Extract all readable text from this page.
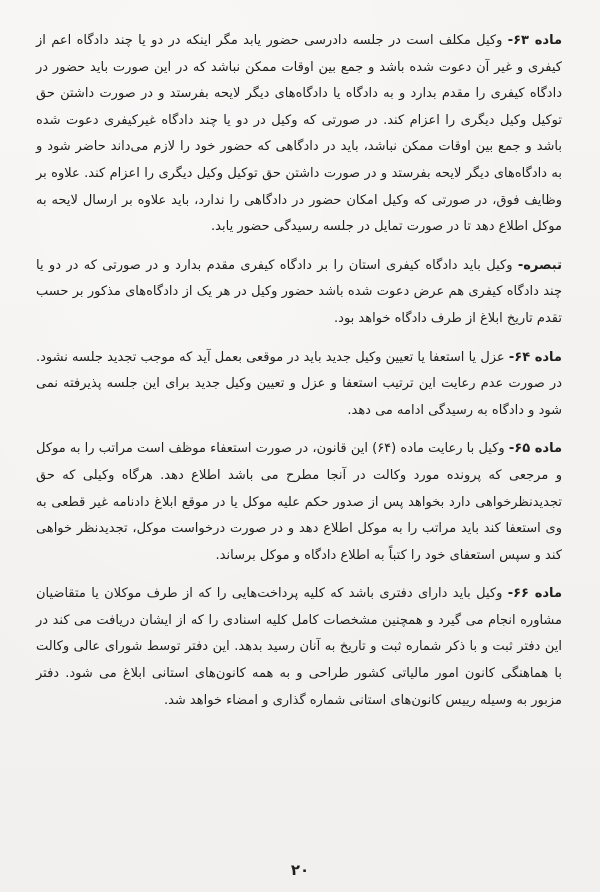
ماده ۶۳- وکیل مکلف است در جلسه دادرسی حضور یابد مگر اینکه در دو یا چند دادگاه اعم از کیفری و غیر آن دعوت شده باشد و جمع بین اوقات ممکن نباشد که در این صورت باید حضور در دادگاه کیفری را مقدم بدارد و به دادگاه یا دادگاه‌های دیگر لایحه بفرستد و در صورت داشتن حق توکیل وکیل دیگری را اعزام کند. در صورتی که وکیل در دو یا چند دادگاه غیرکیفری دعوت شده باشد و جمع بین اوقات ممکن نباشد، باید در دادگاهی که حضور خود را لازم می‌داند حاضر شود و به دادگاه‌های دیگر لایحه بفرستد و در صورت داشتن حق توکیل وکیل دیگری را اعزام کند. علاوه بر وظایف فوق، در صورتی که وکیل امکان حضور در دادگاهی را ندارد، باید علاوه بر ارسال لایحه به موکل اطلاع دهد تا در صورت تمایل در جلسه رسیدگی حضور یابد.

تبصره- وکیل باید دادگاه کیفری استان را بر دادگاه کیفری مقدم بدارد و در صورتی که در دو یا چند دادگاه کیفری هم عرض دعوت شده باشد حضور وکیل در هر یک از دادگاه‌های مذکور بر حسب تقدم تاریخ ابلاغ از طرف دادگاه خواهد بود.

ماده ۶۴- عزل یا استعفا یا تعیین وکیل جدید باید در موقعی بعمل آید که موجب تجدید جلسه نشود. در صورت عدم رعایت این ترتیب استعفا و عزل و تعیین وکیل جدید برای این جلسه پذیرفته نمی شود و دادگاه به رسیدگی ادامه می دهد.

ماده ۶۵- وکیل با رعایت ماده (۶۴) این قانون، در صورت استعفاء موظف است مراتب را به موکل و مرجعی که پرونده مورد وکالت در آنجا مطرح می باشد اطلاع دهد. هرگاه وکیلی که حق تجدیدنظرخواهی دارد بخواهد پس از صدور حکم علیه موکل یا در موقع ابلاغ دادنامه غیر قطعی به وی استعفا کند باید مراتب را به موکل اطلاع دهد و در صورت درخواست موکل، تجدیدنظر خواهی کند و سپس استعفای خود را کتباً به اطلاع دادگاه و موکل برساند.

ماده ۶۶- وکیل باید دارای دفتری باشد که کلیه پرداخت‌هایی را که از طرف موکلان یا متقاضیان مشاوره انجام می گیرد و همچنین مشخصات کامل کلیه اسنادی را که از ایشان دریافت می کند در این دفتر ثبت و با ذکر شماره ثبت و تاریخ به آنان رسید بدهد. این دفتر توسط شورای عالی وکالت با هماهنگی کانون امور مالیاتی کشور طراحی و به همه کانون‌های استانی ابلاغ می شود. دفتر مزبور به وسیله رییس کانون‌های استانی شماره گذاری و امضاء خواهد شد.

۲۰
